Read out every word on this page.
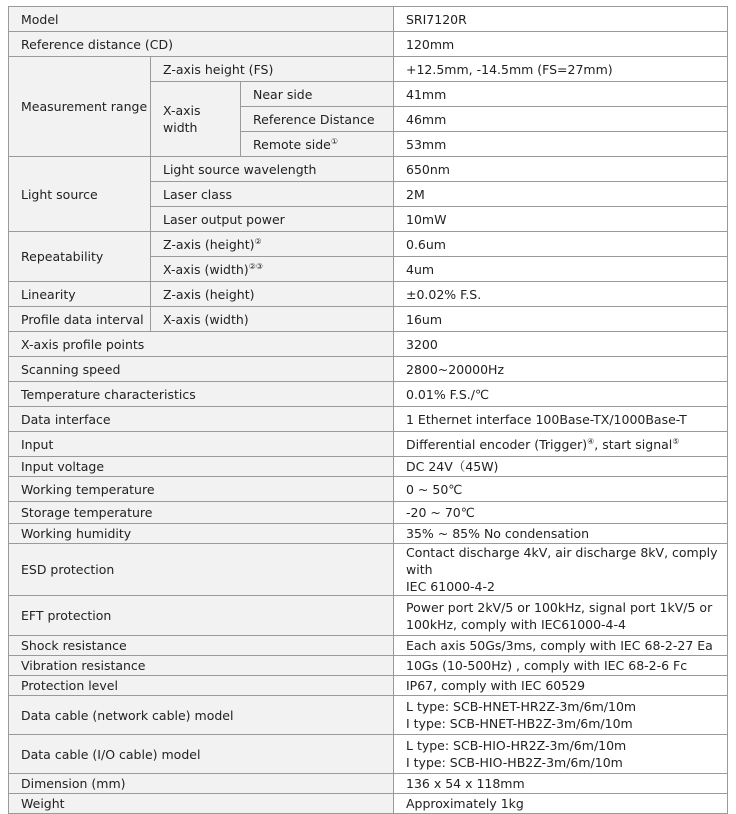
Model			SRI7120R
Reference distance (CD)			120mm
Measurement range	Z-axis height (FS)		+12.5mm, -14.5mm (FS=27mm)
	X-axis width	Near side	41mm
		Reference Distance	46mm
		Remote side①	53mm
Light source	Light source wavelength		650nm
	Laser class		2M
	Laser output power		10mW
Repeatability	Z-axis (height)②		0.6um
	X-axis (width)②③		4um
Linearity	Z-axis (height)		±0.02% F.S.
Profile data interval	X-axis (width)		16um
X-axis profile points			3200
Scanning speed			2800~20000Hz
Temperature characteristics			0.01% F.S./℃
Data interface			1 Ethernet interface 100Base-TX/1000Base-T
Input			Differential encoder (Trigger)④, start signal⑤
Input voltage			DC 24V（45W)
Working temperature			0 ~ 50℃
Storage temperature			-20 ~ 70℃
Working humidity			35% ~ 85% No condensation
ESD protection			Contact discharge 4kV, air discharge 8kV, comply with
IEC 61000-4-2

EFT protection			Power port 2kV/5 or 100kHz, signal port 1kV/5 or
100kHz, comply with IEC61000-4-4

Shock resistance			Each axis 50Gs/3ms, comply with IEC 68-2-27 Ea
Vibration resistance			10Gs (10-500Hz) , comply with IEC 68-2-6 Fc
Protection level			IP67, comply with IEC 60529
Data cable (network cable) model			L type: SCB-HNET-HR2Z-3m/6m/10m
I type: SCB-HNET-HB2Z-3m/6m/10m

Data cable (I/O cable) model			L type: SCB-HIO-HR2Z-3m/6m/10m
I type: SCB-HIO-HB2Z-3m/6m/10m

Dimension (mm)			136 x 54 x 118mm
Weight			Approximately 1kg
